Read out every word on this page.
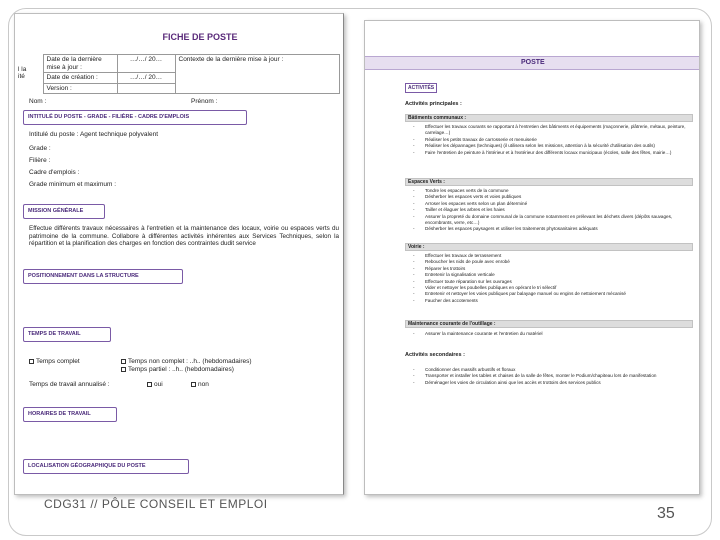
FICHE DE POSTE
l la
ité	Date de la dernière mise à jour :	…/…/ 20…	Contexte de la dernière mise à jour :
	Date de création :	…/…/ 20…	
	Version :		
Nom :	Prénom :
INTITULÉ DU POSTE - GRADE - FILIÈRE - CADRE D'EMPLOIS
Intitulé du poste : Agent technique polyvalent
Grade :
Filière :
Cadre d'emplois :
Grade minimum et maximum :
MISSION GÉNÉRALE
Effectue différents travaux nécessaires à l'entretien et la maintenance des locaux, voirie ou espaces verts du patrimoine de la commune. Collabore à différentes activités inhérentes aux Services Techniques, selon la répartition et la planification des charges en fonction des contraintes dudit service
POSITIONNEMENT DANS LA STRUCTURE
TEMPS DE TRAVAIL
Temps complet	Temps non complet : ..h.. (hebdomadaires)
Temps partiel : ..h.. (hebdomadaires)
Temps de travail annualisé :	oui	non
HORAIRES DE TRAVAIL
LOCALISATION GÉOGRAPHIQUE DU POSTE
POSTE
ACTIVITÉS
Activités principales :
Bâtiments communaux :
- Effectuer les travaux courants se rapportant à l'entretien des bâtiments et équipements (maçonnerie, plâtrerie, métaux, peinture, carrelage…)
- Réaliser les petits travaux de carrosserie et menuiserie
- Réaliser les dépannages (techniques) (il utilisera selon les missions, attention à la sécurité d'utilisation des outils)
- Faire l'entretien de peinture à l'intérieur et à l'extérieur des différents locaux municipaux (écoles, salle des fêtes, mairie…)
Espaces Verts :
- Tondre les espaces verts de la commune
- Désherber les espaces verts et voies publiques
- Arroser les espaces verts selon un plan déterminé
- Tailler et élaguer les arbres et les haies
- Assurer la propreté du domaine communal de la commune notamment en prélevant les déchets divers (dépôts sauvages, encombrants, verre, etc…)
- Désherber les espaces paysagers et utiliser les traitements phytosanitaires adéquats
Voirie :
- Effectuer les travaux de terrassement
- Reboucher les nids de poule avec enrobé
- Réparer les trottoirs
- Entretenir la signalisation verticale
- Effectuer toute réparation sur les ouvrages
- Vider et nettoyer les poubelles publiques en opérant le tri sélectif
- Entretenir et nettoyer les voies publiques par balayage manuel ou engins de nettoiement mécanisé
- Faucher des accotements
Maintenance courante de l'outillage :
- Assurer la maintenance courante et l'entretien du matériel
Activités secondaires :
- Conditionner des massifs arbustifs et floraux
- Transporter et installer les tables et chaises de la salle de fêtes, monter le Podium/chapiteau lors de manifestation
- Déménager les voies de circulation ainsi que les accès et trottoirs des services publics
CDG31 // PÔLE CONSEIL ET EMPLOI
35
